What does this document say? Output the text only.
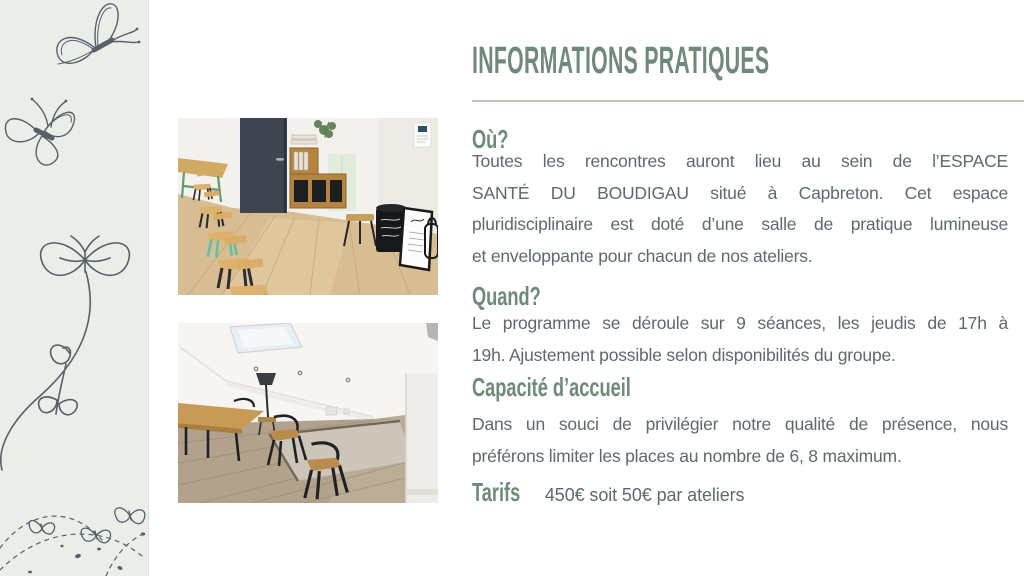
INFORMATIONS PRATIQUES
Où?

Toutes les rencontres auront lieu au sein de l’ESPACE
SANTÉ DU BOUDIGAU situé à Capbreton. Cet espace
pluridisciplinaire est doté d’une salle de pratique lumineuse
et enveloppante pour chacun de nos ateliers.

Quand?

Le programme se déroule sur 9 séances, les jeudis de 17h à
19h. Ajustement possible selon disponibilités du groupe.

Capacité d’accueil

Dans un souci de privilégier notre qualité de présence, nous
préférons limiter les places au nombre de 6, 8 maximum.

Tarifs 450€ soit 50€ par ateliers
